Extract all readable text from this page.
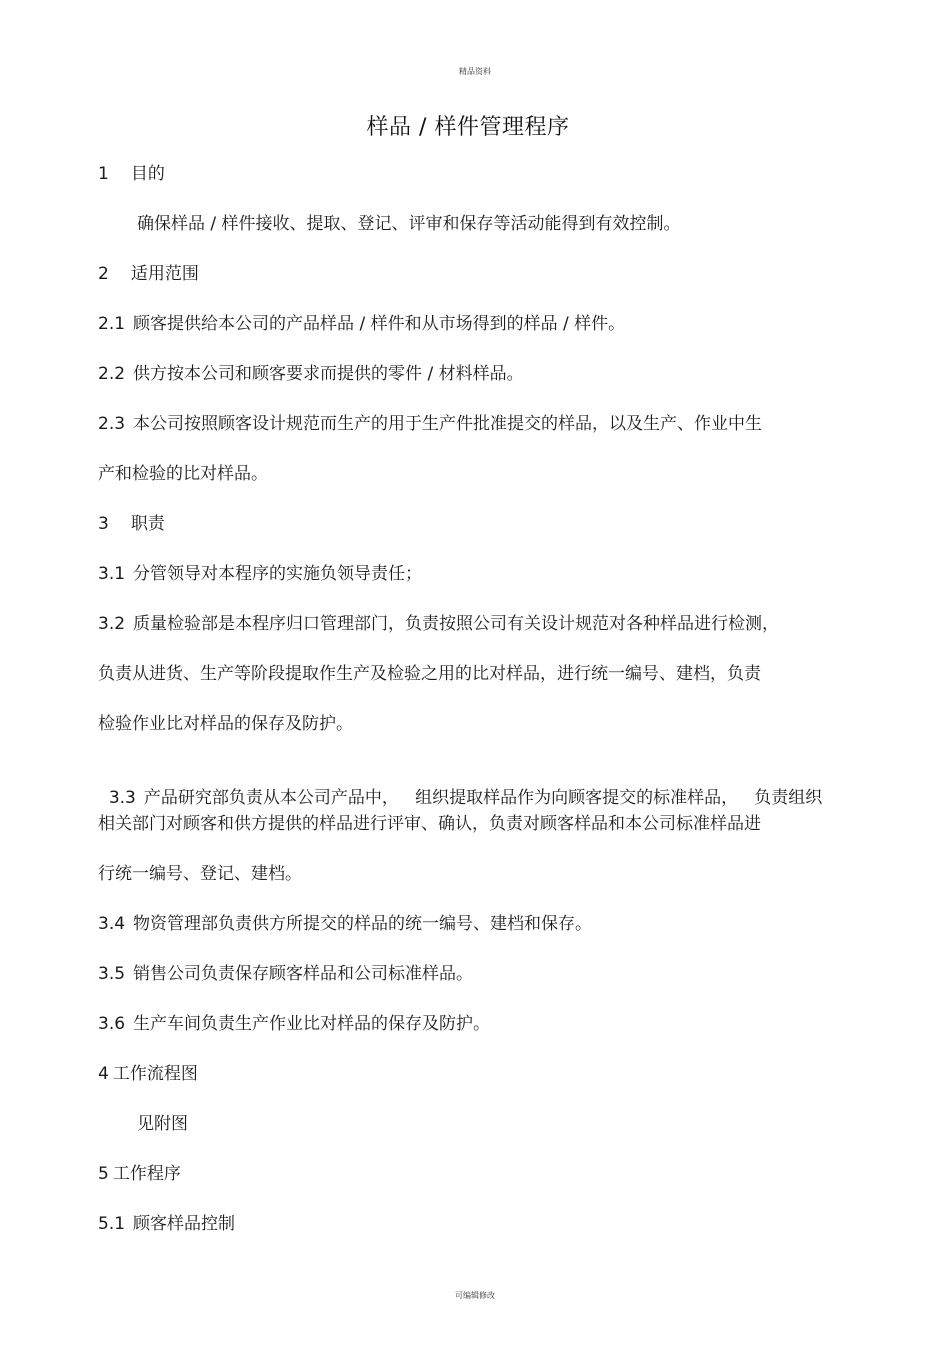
精品资料
样品 / 样件管理程序
1 目的
确保样品 / 样件接收、提取、登记、评审和保存等活动能得到有效控制。
2 适用范围
2.1 顾客提供给本公司的产品样品 / 样件和从市场得到的样品 / 样件。
2.2 供方按本公司和顾客要求而提供的零件 / 材料样品。
2.3 本公司按照顾客设计规范而生产的用于生产件批准提交的样品，以及生产、作业中生
产和检验的比对样品。
3 职责
3.1 分管领导对本程序的实施负领导责任；
3.2 质量检验部是本程序归口管理部门，负责按照公司有关设计规范对各种样品进行检测，
负责从进货、生产等阶段提取作生产及检验之用的比对样品，进行统一编号、建档，负责
检验作业比对样品的保存及防护。

3.3 产品研究部负责从本公司产品中，   组织提取样品作为向顾客提交的标准样品，   负责组织

相关部门对顾客和供方提供的样品进行评审、确认，负责对顾客样品和本公司标准样品进
行统一编号、登记、建档。
3.4 物资管理部负责供方所提交的样品的统一编号、建档和保存。
3.5 销售公司负责保存顾客样品和公司标准样品。
3.6 生产车间负责生产作业比对样品的保存及防护。
4 工作流程图
见附图
5 工作程序
5.1 顾客样品控制
可编辑修改
